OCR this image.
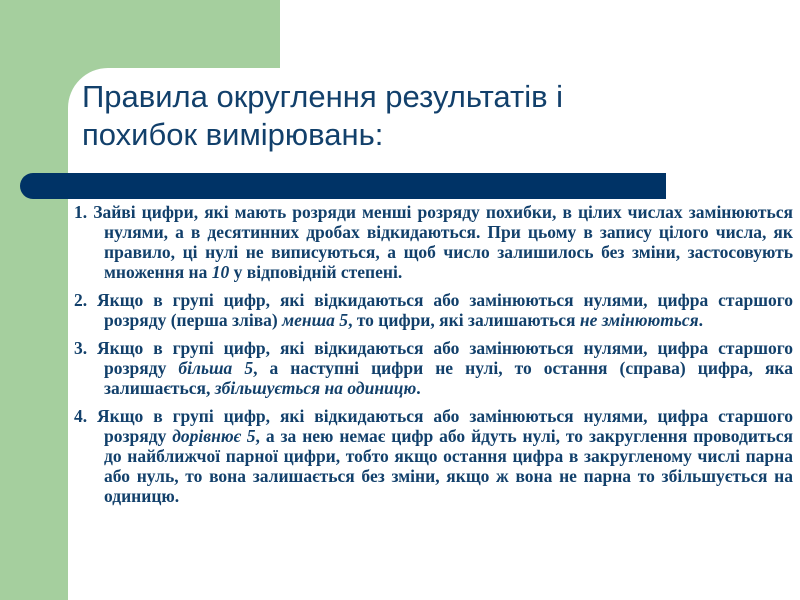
Правила округлення результатів і
похибок вимірювань:
1. Зайві цифри, які мають розряди менші розряду похибки, в цілих числах замінюються нулями, а в десятинних дробах відкидаються. При цьому в запису цілого числа, як правило, ці нулі не виписуються, а щоб число залишилось без зміни, застосовують множення на 10 у відповідній степені.
2. Якщо в групі цифр, які відкидаються або замінюються нулями, цифра старшого розряду (перша зліва) менша 5, то цифри, які залишаються не змінюються.
3. Якщо в групі цифр, які відкидаються або замінюються нулями, цифра старшого розряду більша 5, а наступні цифри не нулі, то остання (справа) цифра, яка залишається, збільшується на одиницю.
4. Якщо в групі цифр, які відкидаються або замінюються нулями, цифра старшого розряду дорівнює 5, а за нею немає цифр або йдуть нулі, то закруглення проводиться до найближчої парної цифри, тобто якщо остання цифра в закругленому числі парна або нуль, то вона залишається без зміни, якщо ж вона не парна то збільшується на одиницю.
